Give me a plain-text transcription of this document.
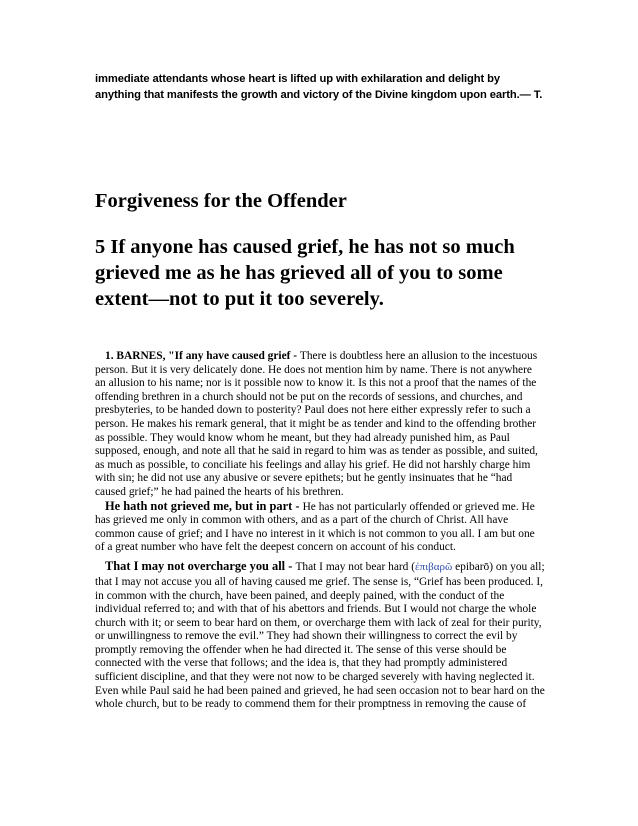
immediate attendants whose heart is lifted up with exhilaration and delight by anything that manifests the growth and victory of the Divine kingdom upon earth.— T.
Forgiveness for the Offender
5 If anyone has caused grief, he has not so much grieved me as he has grieved all of you to some extent—not to put it too severely.

1. BARNES, "If any have caused grief - There is doubtless here an allusion to the incestuous person. But it is very delicately done. He does not mention him by name. There is not anywhere an allusion to his name; nor is it possible now to know it. Is this not a proof that the names of the offending brethren in a church should not be put on the records of sessions, and churches, and presbyteries, to be handed down to posterity? Paul does not here either expressly refer to such a person. He makes his remark general, that it might be as tender and kind to the offending brother as possible. They would know whom he meant, but they had already punished him, as Paul supposed, enough, and note all that he said in regard to him was as tender as possible, and suited, as much as possible, to conciliate his feelings and allay his grief. He did not harshly charge him with sin; he did not use any abusive or severe epithets; but he gently insinuates that he “had caused grief;” he had pained the hearts of his brethren.

He hath not grieved me, but in part - He has not particularly offended or grieved me. He has grieved me only in common with others, and as a part of the church of Christ. All have common cause of grief; and I have no interest in it which is not common to you all. I am but one of a great number who have felt the deepest concern on account of his conduct.

That I may not overcharge you all - That I may not bear hard (ἐπιβαρῶ epibarō) on you all; that I may not accuse you all of having caused me grief. The sense is, “Grief has been produced. I, in common with the church, have been pained, and deeply pained, with the conduct of the individual referred to; and with that of his abettors and friends. But I would not charge the whole church with it; or seem to bear hard on them, or overcharge them with lack of zeal for their purity, or unwillingness to remove the evil.” They had shown their willingness to correct the evil by promptly removing the offender when he had directed it. The sense of this verse should be connected with the verse that follows; and the idea is, that they had promptly administered sufficient discipline, and that they were not now to be charged severely with having neglected it. Even while Paul said he had been pained and grieved, he had seen occasion not to bear hard on the whole church, but to be ready to commend them for their promptness in removing the cause of
